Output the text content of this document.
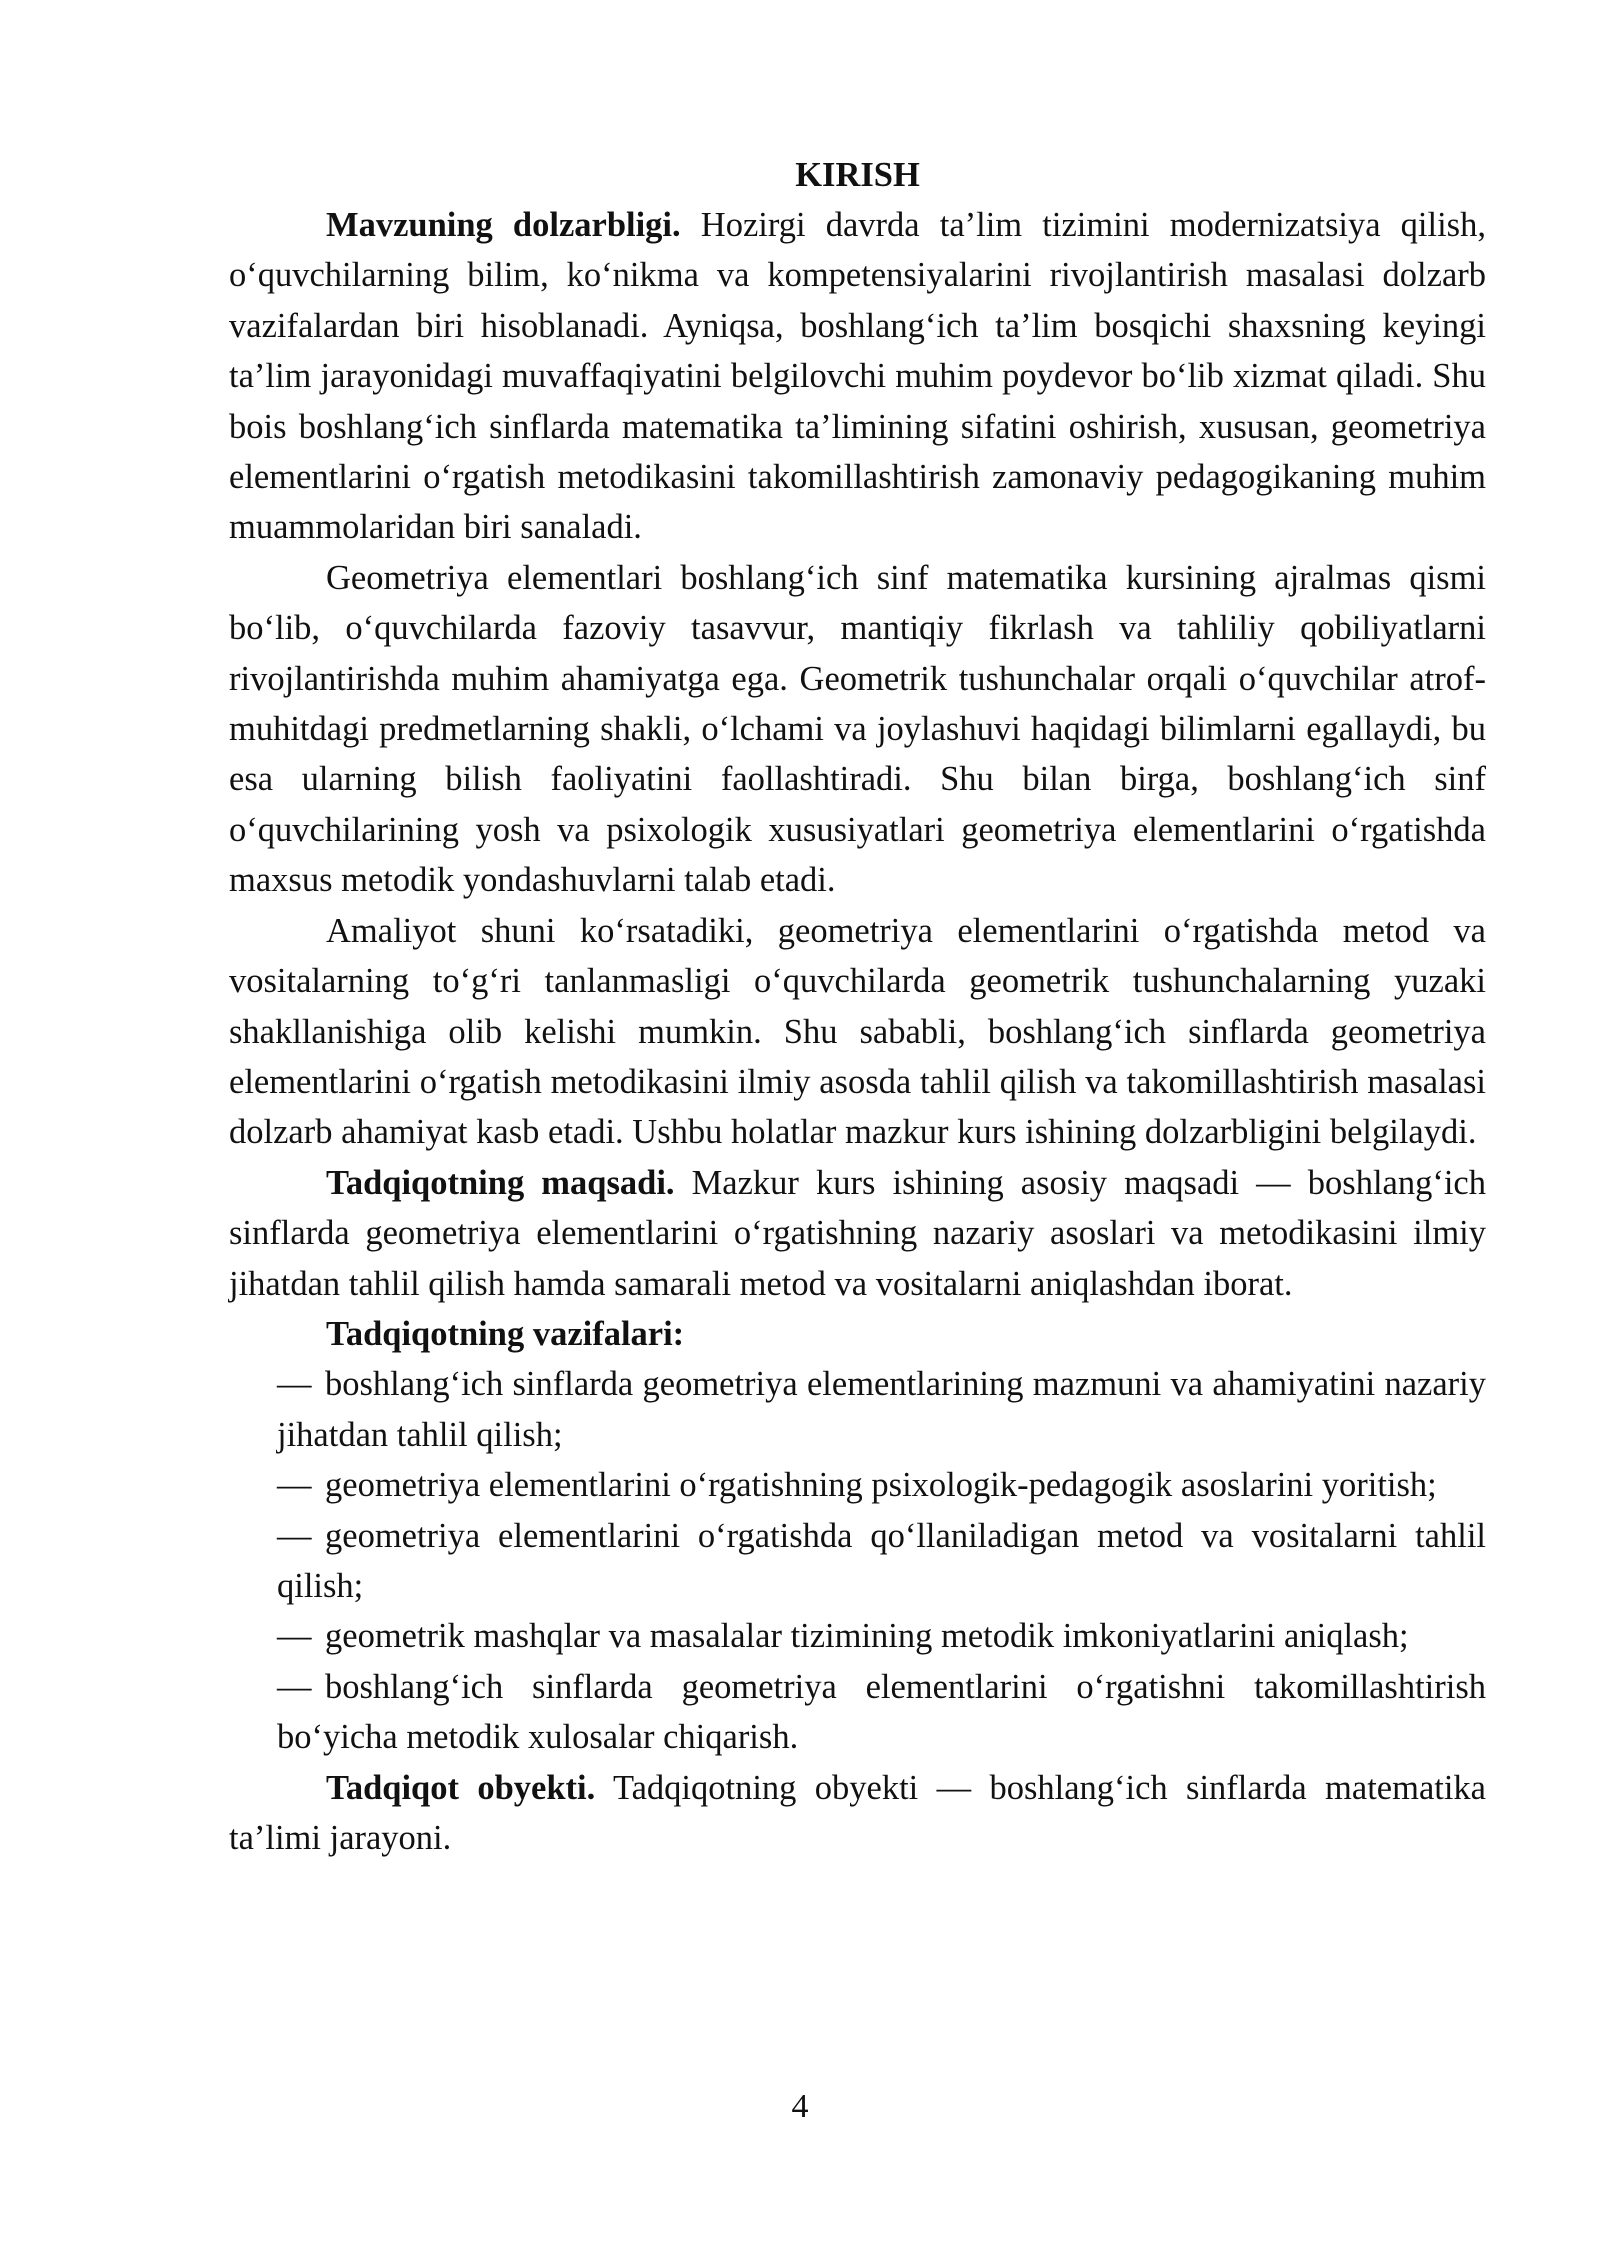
KIRISH

Mavzuning dolzarbligi. Hozirgi davrda ta’lim tizimini modernizatsiya qilish, o‘quvchilarning bilim, ko‘nikma va kompetensiyalarini rivojlantirish masalasi dolzarb vazifalardan biri hisoblanadi. Ayniqsa, boshlang‘ich ta’lim bosqichi shaxsning keyingi ta’lim jarayonidagi muvaffaqiyatini belgilovchi muhim poydevor bo‘lib xizmat qiladi. Shu bois boshlang‘ich sinflarda matematika ta’limining sifatini oshirish, xususan, geometriya elementlarini o‘rgatish metodikasini takomillashtirish zamonaviy pedagogikaning muhim muammolaridan biri sanaladi.

Geometriya elementlari boshlang‘ich sinf matematika kursining ajralmas qismi bo‘lib, o‘quvchilarda fazoviy tasavvur, mantiqiy fikrlash va tahliliy qobiliyatlarni rivojlantirishda muhim ahamiyatga ega. Geometrik tushunchalar orqali o‘quvchilar atrof-muhitdagi predmetlarning shakli, o‘lchami va joylashuvi haqidagi bilimlarni egallaydi, bu esa ularning bilish faoliyatini faollashtiradi. Shu bilan birga, boshlang‘ich sinf o‘quvchilarining yosh va psixologik xususiyatlari geometriya elementlarini o‘rgatishda maxsus metodik yondashuvlarni talab etadi.

Amaliyot shuni ko‘rsatadiki, geometriya elementlarini o‘rgatishda metod va vositalarning to‘g‘ri tanlanmasligi o‘quvchilarda geometrik tushunchalarning yuzaki shakllanishiga olib kelishi mumkin. Shu sababli, boshlang‘ich sinflarda geometriya elementlarini o‘rgatish metodikasini ilmiy asosda tahlil qilish va takomillashtirish masalasi dolzarb ahamiyat kasb etadi. Ushbu holatlar mazkur kurs ishining dolzarbligini belgilaydi.

Tadqiqotning maqsadi. Mazkur kurs ishining asosiy maqsadi — boshlang‘ich sinflarda geometriya elementlarini o‘rgatishning nazariy asoslari va metodikasini ilmiy jihatdan tahlil qilish hamda samarali metod va vositalarni aniqlashdan iborat.

Tadqiqotning vazifalari:

— boshlang‘ich sinflarda geometriya elementlarining mazmuni va ahamiyatini nazariy jihatdan tahlil qilish;
— geometriya elementlarini o‘rgatishning psixologik-pedagogik asoslarini yoritish;
— geometriya elementlarini o‘rgatishda qo‘llaniladigan metod va vositalarni tahlil qilish;
— geometrik mashqlar va masalalar tizimining metodik imkoniyatlarini aniqlash;
— boshlang‘ich sinflarda geometriya elementlarini o‘rgatishni takomillashtirish bo‘yicha metodik xulosalar chiqarish.

Tadqiqot obyekti. Tadqiqotning obyekti — boshlang‘ich sinflarda matematika ta’limi jarayoni.

4
